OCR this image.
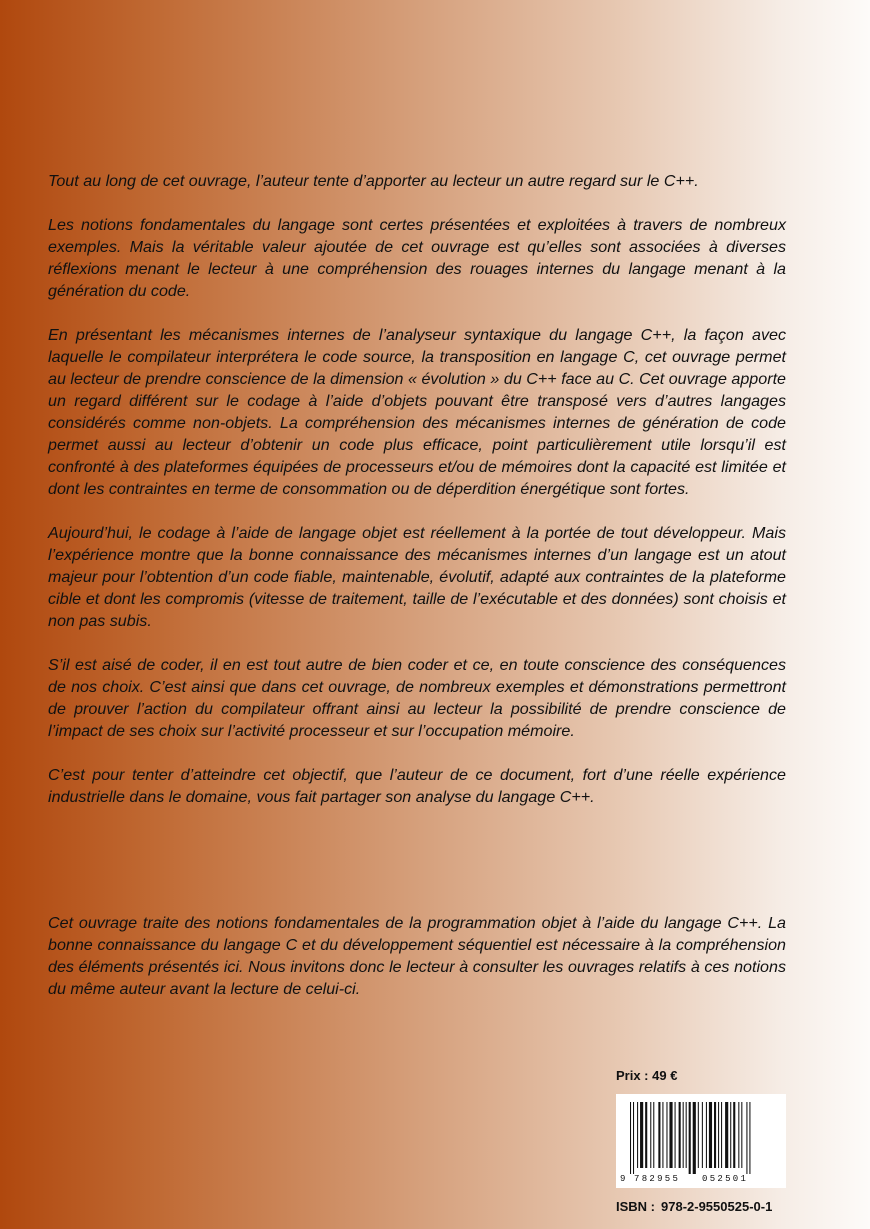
Tout au long de cet ouvrage, l’auteur tente d’apporter au lecteur un autre regard sur le C++.

Les notions fondamentales du langage sont certes présentées et exploitées à travers de nombreux exemples. Mais la véritable valeur ajoutée de cet ouvrage est qu’elles sont associées à diverses réflexions menant le lecteur à une compréhension des rouages internes du langage menant à la génération du code.

En présentant les mécanismes internes de l’analyseur syntaxique du langage C++, la façon avec laquelle le compilateur interprétera le code source, la transposition en langage C, cet ouvrage permet au lecteur de prendre conscience de la dimension « évolution » du C++ face au C. Cet ouvrage apporte un regard différent sur le codage à l’aide d’objets pouvant être transposé vers d’autres langages considérés comme non-objets. La compréhension des mécanismes internes de génération de code permet aussi au lecteur d’obtenir un code plus efficace, point particulièrement utile lorsqu’il est confronté à des plateformes équipées de processeurs et/ou de mémoires dont la capacité est limitée et dont les contraintes en terme de consommation ou de déperdition énergétique sont fortes.

Aujourd’hui, le codage à l’aide de langage objet est réellement à la portée de tout développeur. Mais l’expérience montre que la bonne connaissance des mécanismes internes d’un langage est un atout majeur pour l’obtention d’un code fiable, maintenable, évolutif, adapté aux contraintes de la plateforme cible et dont les compromis (vitesse de traitement, taille de l’exécutable et des données) sont choisis et non pas subis.

S’il est aisé de coder, il en est tout autre de bien coder et ce, en toute conscience des conséquences de nos choix. C’est ainsi que dans cet ouvrage, de nombreux exemples et démonstrations permettront de prouver l’action du compilateur offrant ainsi au lecteur la possibilité de prendre conscience de l’impact de ses choix sur l’activité processeur et sur l’occupation mémoire.

C’est pour tenter d’atteindre cet objectif, que l’auteur de ce document, fort d’une réelle expérience industrielle dans le domaine, vous fait partager son analyse du langage C++.

Cet ouvrage traite des notions fondamentales de la programmation objet à l’aide du langage C++. La bonne connaissance du langage C et du développement séquentiel est nécessaire à la compréhension des éléments présentés ici. Nous invitons donc le lecteur à consulter les ouvrages relatifs à ces notions du même auteur avant la lecture de celui-ci.

Prix : 49 €
9 782955 052501
ISBN : 978-2-9550525-0-1
